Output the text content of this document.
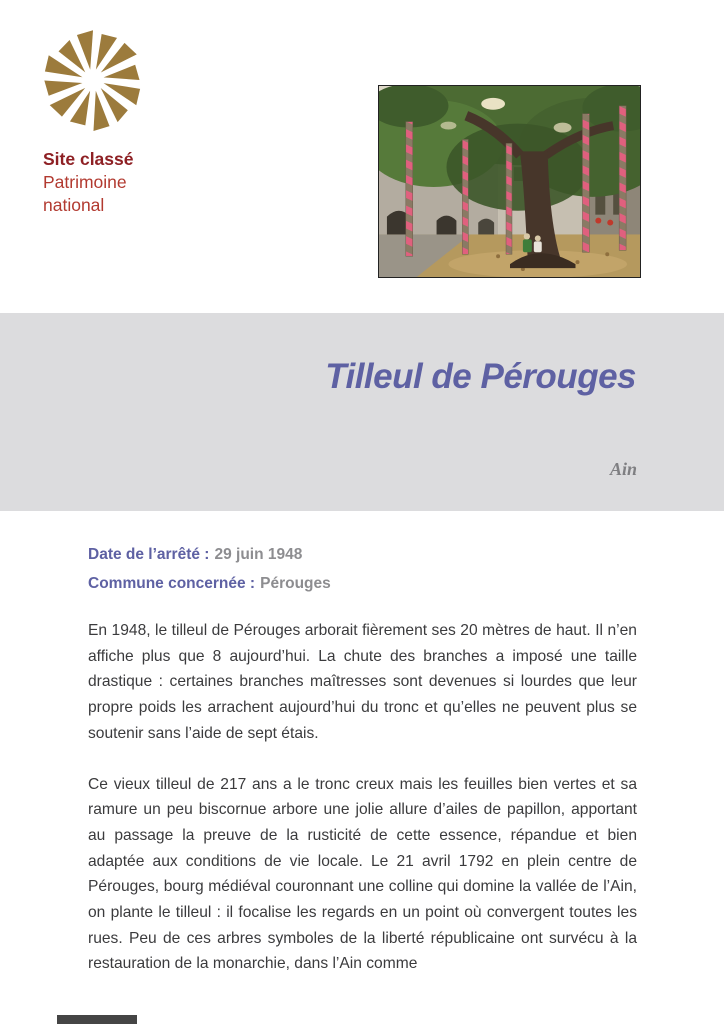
Site classé
Patrimoine
national
Tilleul de Pérouges
Ain
Date de l’arrêté : 29 juin 1948
Commune concernée : Pérouges

En 1948, le tilleul de Pérouges arborait fièrement ses 20 mètres de haut. Il n’en affiche plus que 8 aujourd’hui. La chute des branches a imposé une taille drastique : certaines branches maîtresses sont devenues si lourdes que leur propre poids les arrachent aujourd’hui du tronc et qu’elles ne peuvent plus se soutenir sans l’aide de sept étais.

Ce vieux tilleul de 217 ans a le tronc creux mais les feuilles bien vertes et sa ramure un peu biscornue arbore une jolie allure d’ailes de papillon, apportant au passage la preuve de la rusticité de cette essence, répandue et bien adaptée aux conditions de vie locale. Le 21 avril 1792 en plein centre de Pérouges, bourg médiéval couronnant une colline qui domine la vallée de l’Ain, on plante le tilleul : il focalise les regards en un point où convergent toutes les rues. Peu de ces arbres symboles de la liberté républicaine ont survécu à la restauration de la monarchie, dans l’Ain comme
